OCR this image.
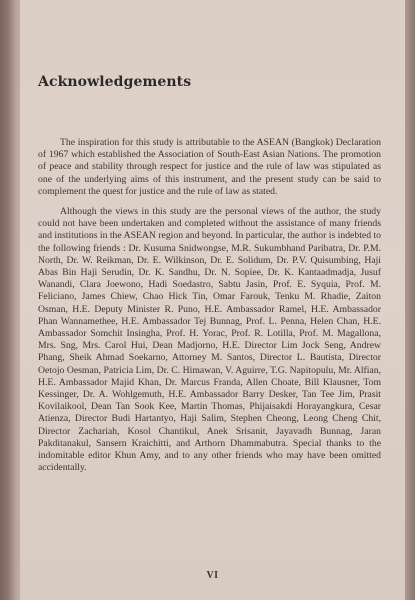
Acknowledgements

The inspiration for this study is attributable to the ASEAN (Bangkok) Declaration of 1967 which established the Association of South-East Asian Nations. The promotion of peace and stability through respect for justice and the rule of law was stipulated as one of the underlying aims of this instrument, and the present study can be said to complement the quest for justice and the rule of law as stated.

Although the views in this study are the personal views of the author, the study could not have been undertaken and completed without the assistance of many friends and institutions in the ASEAN region and beyond. In particular, the author is indebted to the following friends : Dr. Kusuma Snidwongse, M.R. Sukumbhand Paribatra, Dr. P.M. North, Dr. W. Reikman, Dr. E. Wilkinson, Dr. E. Solidum, Dr. P.V. Quisumbing, Haji Abas Bin Haji Serudin, Dr. K. Sandhu, Dr. N. Sopiee, Dr. K. Kantaadmadja, Jusuf Wanandi, Clara Joewono, Hadi Soedastro, Sabtu Jasin, Prof. E. Syquia, Prof. M. Feliciano, James Chiew, Chao Hick Tin, Omar Farouk, Tenku M. Rhadie, Zaiton Osman, H.E. Deputy Minister R. Puno, H.E. Ambassador Ramel, H.E. Ambassador Phan Wannamethee, H.E. Ambassador Tej Bunnag, Prof. L. Penna, Helen Chan, H.E. Ambassador Somchit Insingha, Prof. H. Yorac, Prof. R. Lotilla, Prof. M. Magallona, Mrs. Sng, Mrs. Carol Hui, Dean Madjorno, H.E. Director Lim Jock Seng, Andrew Phang, Sheik Ahmad Soekarno, Attorney M. Santos, Director L. Bautista, Director Oetojo Oesman, Patricia Lim, Dr. C. Himawan, V. Aguirre, T.G. Napitopulu, Mr. Alfian, H.E. Ambassador Majid Khan, Dr. Marcus Franda, Allen Choate, Bill Klausner, Tom Kessinger, Dr. A. Wohlgemuth, H.E. Ambassador Barry Desker, Tan Tee Jim, Prasit Kovilaikool, Dean Tan Sook Kee, Martin Thomas, Phijaisakdi Horayangkura, Cesar Atienza, Director Budi Hartantyo, Haji Salim, Stephen Cheong, Leong Cheng Chit, Director Zachariah, Kosol Chantikul, Anek Srisanit, Jayavadh Bunnag, Jaran Pakditanakul, Sansern Kraichitti, and Arthorn Dhammabutra. Special thanks to the indomitable editor Khun Amy, and to any other friends who may have been omitted accidentally.

VI
